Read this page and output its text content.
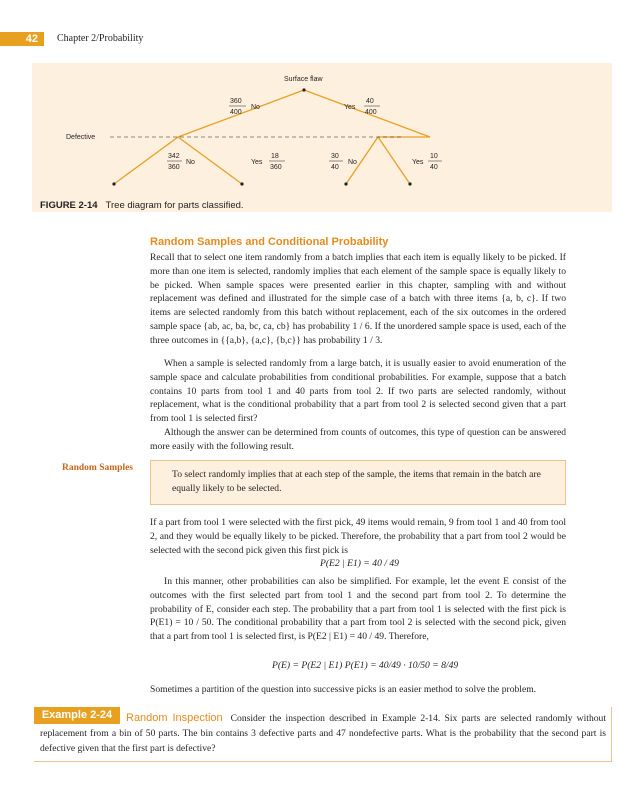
42	Chapter 2/Probability
Surface flaw
360
400
No	Yes
40
400
Defective
342
360
No	Yes
18
360
30
40
No	Yes
10
40
FIGURE 2-14 Tree diagram for parts classified.
Random Samples and Conditional Probability

Recall that to select one item randomly from a batch implies that each item is equally likely to be picked. If more than one item is selected, randomly implies that each element of the sample space is equally likely to be picked. When sample spaces were presented earlier in this chapter, sampling with and without replacement was defined and illustrated for the simple case of a batch with three items {a, b, c}. If two items are selected randomly from this batch without replacement, each of the six outcomes in the ordered sample space {ab, ac, ba, bc, ca, cb} has probability 1 / 6. If the unordered sample space is used, each of the three outcomes in {{a,b}, {a,c}, {b,c}} has probability 1 / 3.

When a sample is selected randomly from a large batch, it is usually easier to avoid enumeration of the sample space and calculate probabilities from conditional probabilities. For example, suppose that a batch contains 10 parts from tool 1 and 40 parts from tool 2. If two parts are selected randomly, without replacement, what is the conditional probability that a part from tool 2 is selected second given that a part from tool 1 is selected first?

Although the answer can be determined from counts of outcomes, this type of question can be answered more easily with the following result.

Random Samples
To select randomly implies that at each step of the sample, the items that remain in the batch are equally likely to be selected.

If a part from tool 1 were selected with the first pick, 49 items would remain, 9 from tool 1 and 40 from tool 2, and they would be equally likely to be picked. Therefore, the probability that a part from tool 2 would be selected with the second pick given this first pick is

P(E2 | E1) = 40 / 49

In this manner, other probabilities can also be simplified. For example, let the event E consist of the outcomes with the first selected part from tool 1 and the second part from tool 2. To determine the probability of E, consider each step. The probability that a part from tool 1 is selected with the first pick is P(E1) = 10 / 50. The conditional probability that a part from tool 2 is selected with the second pick, given that a part from tool 1 is selected first, is P(E2 | E1) = 40 / 49. Therefore,

P(E) = P(E2 | E1) P(E1) = 40/49 · 10/50 = 8/49

Sometimes a partition of the question into successive picks is an easier method to solve the problem.

Example 2-24	Random Inspection Consider the inspection described in Example 2-14. Six parts are selected randomly without replacement from a bin of 50 parts. The bin contains 3 defective parts and 47 nondefective parts. What is the probability that the second part is defective given that the first part is defective?
